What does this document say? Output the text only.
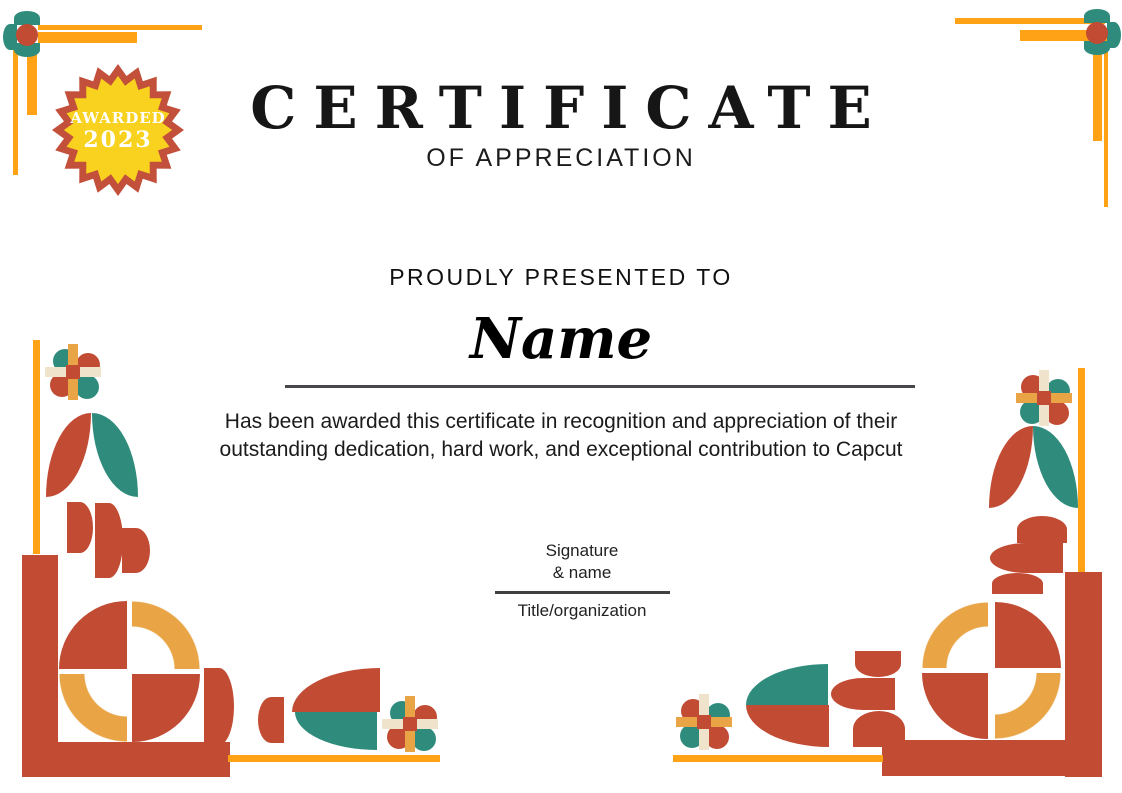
AWARDED
2023	CERTIFICATE
OF APPRECIATION
PROUDLY PRESENTED TO
Name
Has been awarded this certificate in recognition and appreciation of their
outstanding dedication, hard work, and exceptional contribution to Capcut
Signature
& name
Title/organization
